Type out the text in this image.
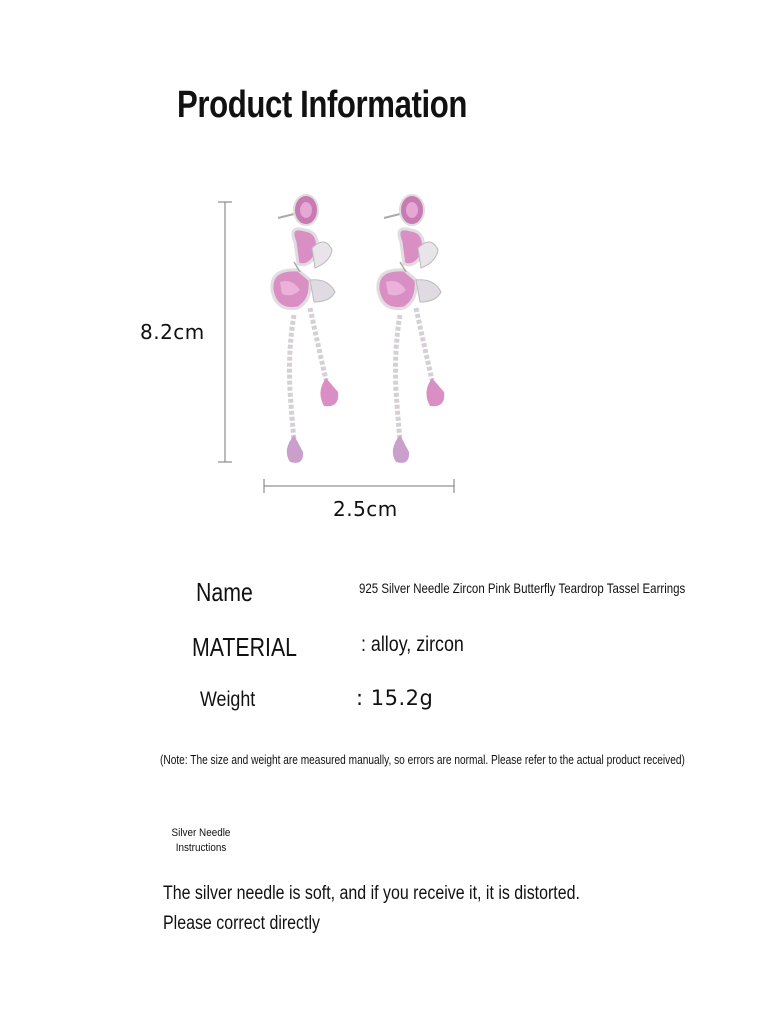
Product Information
8.2cm
2.5cm
Name	925 Silver Needle Zircon Pink Butterfly Teardrop Tassel Earrings
MATERIAL	: alloy, zircon
Weight	: 15.2g
(Note: The size and weight are measured manually, so errors are normal. Please refer to the actual product received)
Silver Needle Instructions
The silver needle is soft, and if you receive it, it is distorted.
Please correct directly
